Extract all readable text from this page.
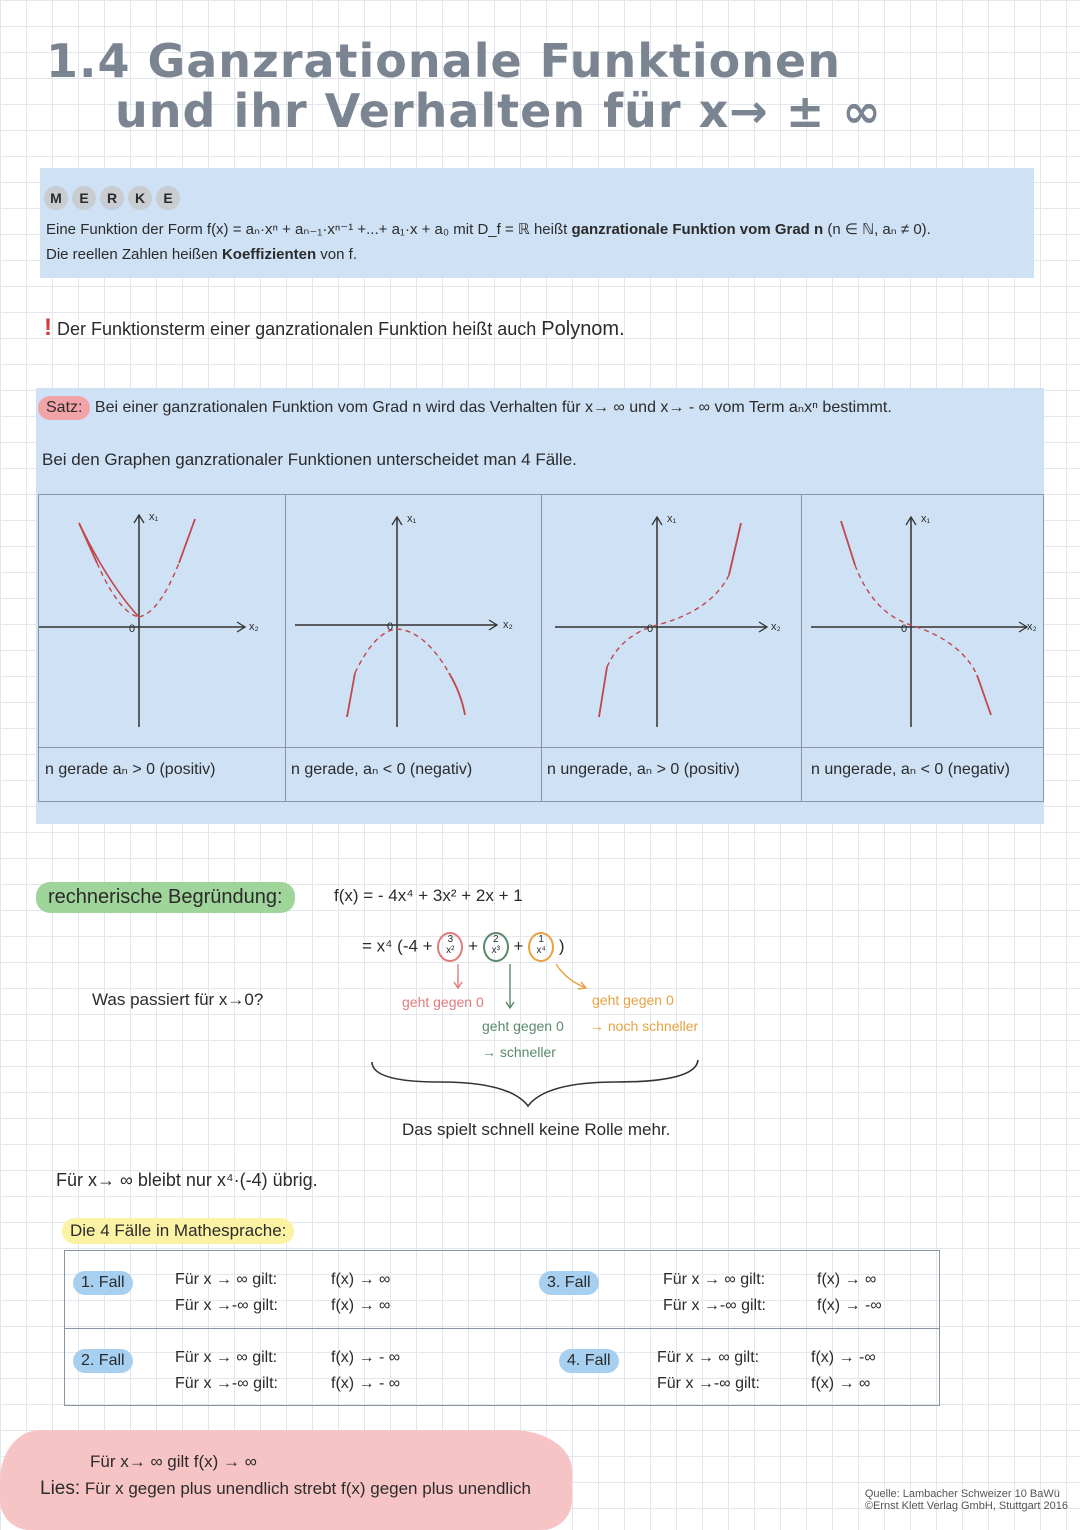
1.4 Ganzrationale Funktionen
und ihr Verhalten für x→ ± ∞
M	E	R	K	E
Eine Funktion der Form f(x) = aₙ·xⁿ + aₙ₋₁·xⁿ⁻¹ +...+ a₁·x + a₀ mit D_f = ℝ heißt ganzrationale Funktion vom Grad n (n ∈ ℕ, aₙ ≠ 0).
Die reellen Zahlen heißen Koeffizienten von f.
! Der Funktionsterm einer ganzrationalen Funktion heißt auch Polynom.
Satz: Bei einer ganzrationalen Funktion vom Grad n wird das Verhalten für x→ ∞ und x→ - ∞ vom Term aₙxⁿ bestimmt.
Bei den Graphen ganzrationaler Funktionen unterscheidet man 4 Fälle.
x₁
x₂
0
n gerade aₙ > 0 (positiv)
x₁
x₂
0
n gerade, aₙ < 0 (negativ)
x₁
x₂
0
n ungerade, aₙ > 0 (positiv)
x₁
x₂
0
n ungerade, aₙ < 0 (negativ)
rechnerische Begründung:	f(x) = - 4x⁴ + 3x² + 2x + 1
= x⁴ (-4 + 3
x² + 2
x³ + 1
x⁴ )
geht gegen 0
geht gegen 0
→ schneller
geht gegen 0
→ noch schneller
Was passiert für x→0?
Das spielt schnell keine Rolle mehr.
Für x→ ∞ bleibt nur x⁴·(-4) übrig.
Die 4 Fälle in Mathesprache:
1. Fall	Für x → ∞ gilt:	f(x) → ∞
Für x →-∞ gilt:	f(x) → ∞
3. Fall	Für x → ∞ gilt:	f(x) → ∞
Für x →-∞ gilt:	f(x) → -∞
2. Fall	Für x → ∞ gilt:	f(x) → - ∞
Für x →-∞ gilt:	f(x) → - ∞
4. Fall	Für x → ∞ gilt:	f(x) → -∞
Für x →-∞ gilt:	f(x) → ∞
Für x→ ∞ gilt f(x) → ∞
Lies: Für x gegen plus unendlich strebt f(x) gegen plus unendlich	Quelle: Lambacher Schweizer 10 BaWü
©Ernst Klett Verlag GmbH, Stuttgart 2016
